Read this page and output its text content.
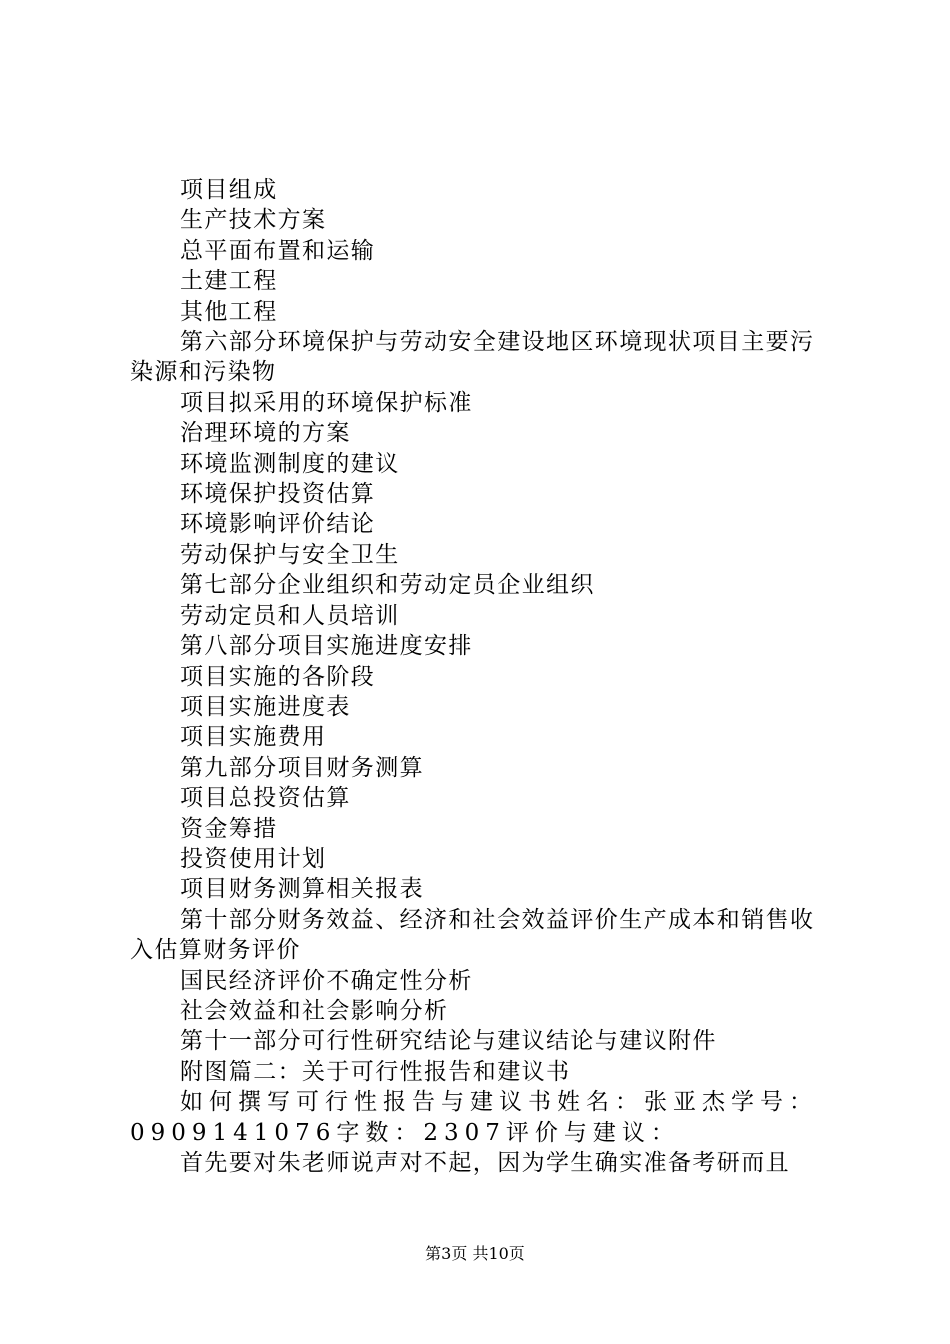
项目组成
生产技术方案
总平面布置和运输
土建工程
其他工程
第六部分环境保护与劳动安全建设地区环境现状项目主要污染源和污染物
项目拟采用的环境保护标准
治理环境的方案
环境监测制度的建议
环境保护投资估算
环境影响评价结论
劳动保护与安全卫生
第七部分企业组织和劳动定员企业组织
劳动定员和人员培训
第八部分项目实施进度安排
项目实施的各阶段
项目实施进度表
项目实施费用
第九部分项目财务测算
项目总投资估算
资金筹措
投资使用计划
项目财务测算相关报表
第十部分财务效益、经济和社会效益评价生产成本和销售收入估算财务评价
国民经济评价不确定性分析
社会效益和社会影响分析
第十一部分可行性研究结论与建议结论与建议附件
附图篇二：关于可行性报告和建议书
如何撰写可行性报告与建议书姓名：张亚杰学号：0909141076字数：2307评价与建议：
首先要对朱老师说声对不起，因为学生确实准备考研而且
第3页 共10页
